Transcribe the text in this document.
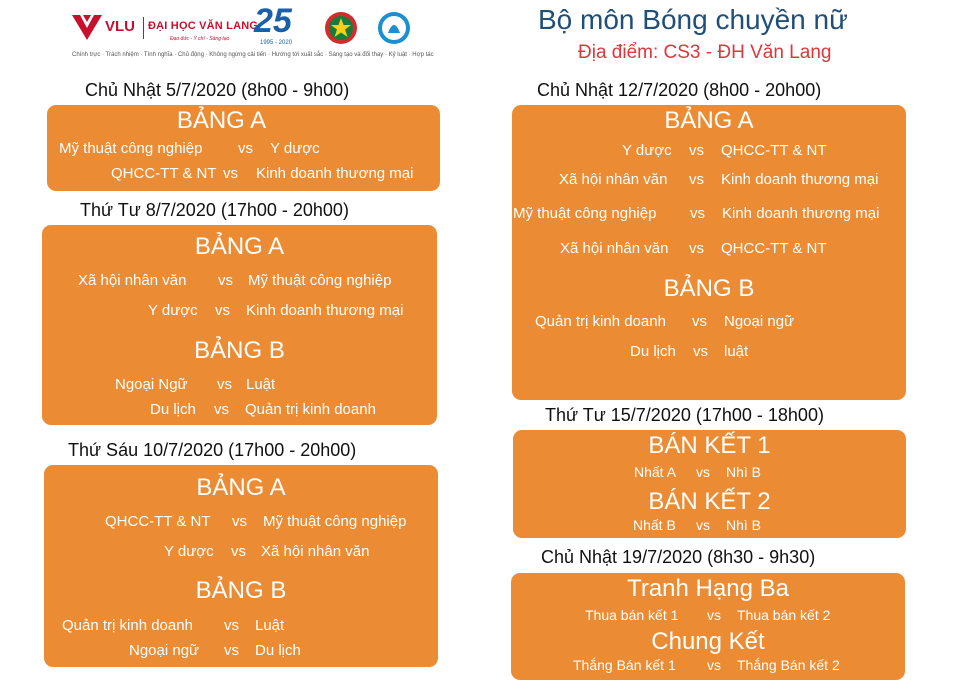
VLU ĐẠI HỌC VĂN LANG
Đạo đức - Ý chí - Sáng tạo 25
1995 - 2020
Chính trực · Trách nhiệm · Tình nghĩa · Chủ động · Không ngừng cải tiến · Hướng tới xuất sắc · Sáng tạo và đổi thay · Kỷ luật · Hợp tác
Bộ môn Bóng chuyền nữ
Địa điểm: CS3 - ĐH Văn Lang
Chủ Nhật 5/7/2020 (8h00 - 9h00)
BẢNG A
Mỹ thuật công nghiệp vs Y dược
QHCC-TT & NT vs Kinh doanh thương mại
Thứ Tư 8/7/2020 (17h00 - 20h00)
BẢNG A
Xã hội nhân văn vs Mỹ thuật công nghiệp
Y dược vs Kinh doanh thương mại
BẢNG B
Ngoại Ngữ vs Luật
Du lịch vs Quản trị kinh doanh
Thứ Sáu 10/7/2020 (17h00 - 20h00)
BẢNG A
QHCC-TT & NT vs Mỹ thuật công nghiệp
Y dược vs Xã hội nhân văn
BẢNG B
Quản trị kinh doanh vs Luật
Ngoại ngữ vs Du lịch
Chủ Nhật 12/7/2020 (8h00 - 20h00)
BẢNG A
Y dược vs QHCC-TT & NT
Xã hội nhân văn vs Kinh doanh thương mại
Mỹ thuật công nghiệp vs Kinh doanh thương mại
Xã hội nhân văn vs QHCC-TT & NT
BẢNG B
Quản trị kinh doanh vs Ngoại ngữ
Du lịch vs luật
Thứ Tư 15/7/2020 (17h00 - 18h00)
BÁN KẾT 1
Nhất A vs Nhì B
BÁN KẾT 2
Nhất B vs Nhì B
Chủ Nhật 19/7/2020 (8h30 - 9h30)
Tranh Hạng Ba
Thua bán kết 1 vs Thua bán kết 2
Chung Kết
Thắng Bán kết 1 vs Thắng Bán kết 2
